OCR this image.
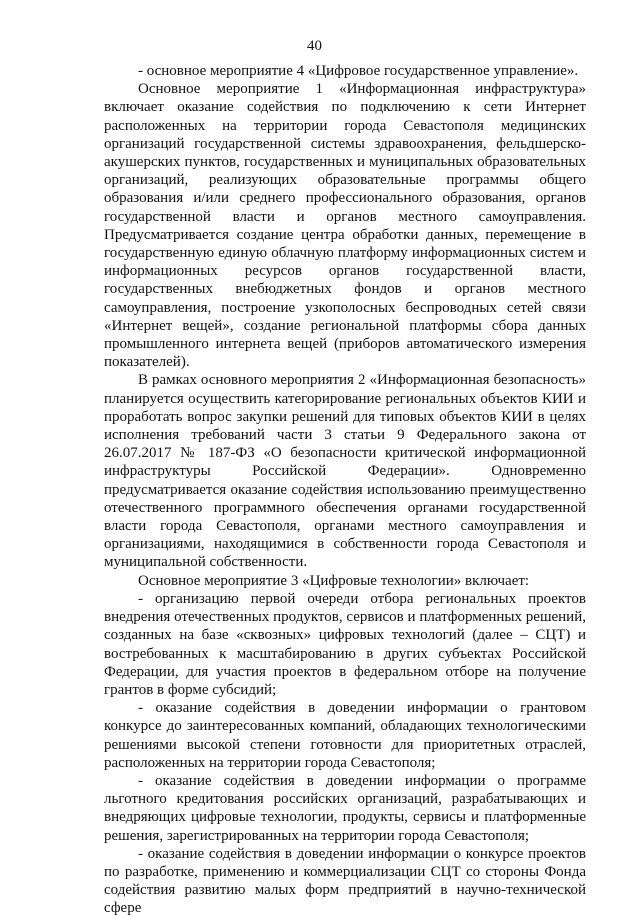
40

- основное мероприятие 4 «Цифровое государственное управление».

Основное мероприятие 1 «Информационная инфраструктура» включает оказание содействия по подключению к сети Интернет расположенных на территории города Севастополя медицинских организаций государственной системы здравоохранения, фельдшерско-акушерских пунктов, государственных и муниципальных образовательных организаций, реализующих образовательные программы общего образования и/или среднего профессионального образования, органов государственной власти и органов местного самоуправления. Предусматривается создание центра обработки данных, перемещение в государственную единую облачную платформу информационных систем и информационных ресурсов органов государственной власти, государственных внебюджетных фондов и органов местного самоуправления, построение узкополосных беспроводных сетей связи «Интернет вещей», создание региональной платформы сбора данных промышленного интернета вещей (приборов автоматического измерения показателей).

В рамках основного мероприятия 2 «Информационная безопасность» планируется осуществить категорирование региональных объектов КИИ и проработать вопрос закупки решений для типовых объектов КИИ в целях исполнения требований части 3 статьи 9 Федерального закона от 26.07.2017 № 187-ФЗ «О безопасности критической информационной инфраструктуры Российской Федерации». Одновременно предусматривается оказание содействия использованию преимущественно отечественного программного обеспечения органами государственной власти города Севастополя, органами местного самоуправления и организациями, находящимися в собственности города Севастополя и муниципальной собственности.

Основное мероприятие 3 «Цифровые технологии» включает:

- организацию первой очереди отбора региональных проектов внедрения отечественных продуктов, сервисов и платформенных решений, созданных на базе «сквозных» цифровых технологий (далее – СЦТ) и востребованных к масштабированию в других субъектах Российской Федерации, для участия проектов в федеральном отборе на получение грантов в форме субсидий;

- оказание содействия в доведении информации о грантовом конкурсе до заинтересованных компаний, обладающих технологическими решениями высокой степени готовности для приоритетных отраслей, расположенных на территории города Севастополя;

- оказание содействия в доведении информации о программе льготного кредитования российских организаций, разрабатывающих и внедряющих цифровые технологии, продукты, сервисы и платформенные решения, зарегистрированных на территории города Севастополя;

- оказание содействия в доведении информации о конкурсе проектов по разработке, применению и коммерциализации СЦТ со стороны Фонда содействия развитию малых форм предприятий в научно-технической сфере
